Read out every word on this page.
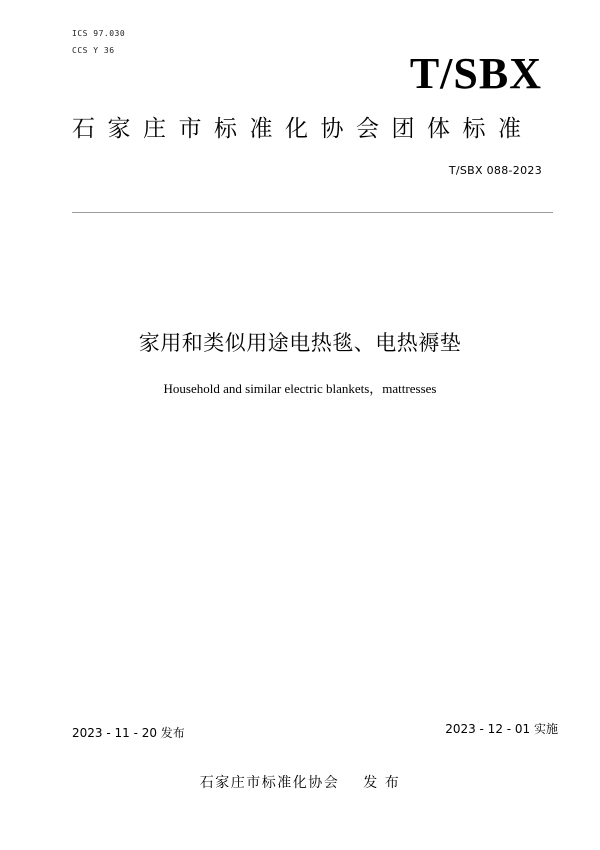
ICS 97.030
CCS Y 36	T/SBX
石家庄市标准化协会团体标准
T/SBX 088-2023
家用和类似用途电热毯、电热褥垫
Household and similar electric blankets，mattresses
2023 - 11 - 20 发布	2023 - 12 - 01 实施
石家庄市标准化协会 发 布
